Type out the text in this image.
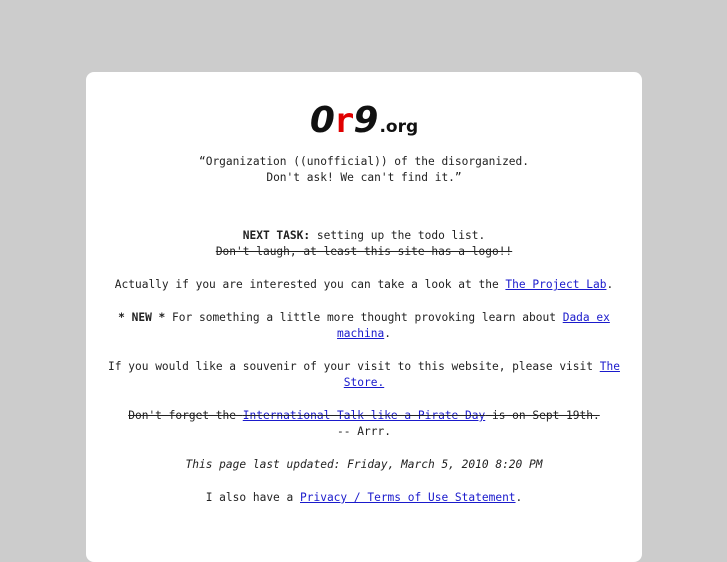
0r9 .org

“Organization ((unofficial)) of the disorganized.
Don't ask! We can't find it.”

NEXT TASK: setting up the todo list.
Don't laugh, at least this site has a logo!!

Actually if you are interested you can take a look at the The Project Lab.

* NEW * For something a little more thought provoking learn about Dada ex machina.

If you would like a souvenir of your visit to this website, please visit The Store.

Don't forget the International Talk like a Pirate Day is on Sept 19th.
-- Arrr.

This page last updated: Friday, March 5, 2010 8:20 PM

I also have a Privacy / Terms of Use Statement.
